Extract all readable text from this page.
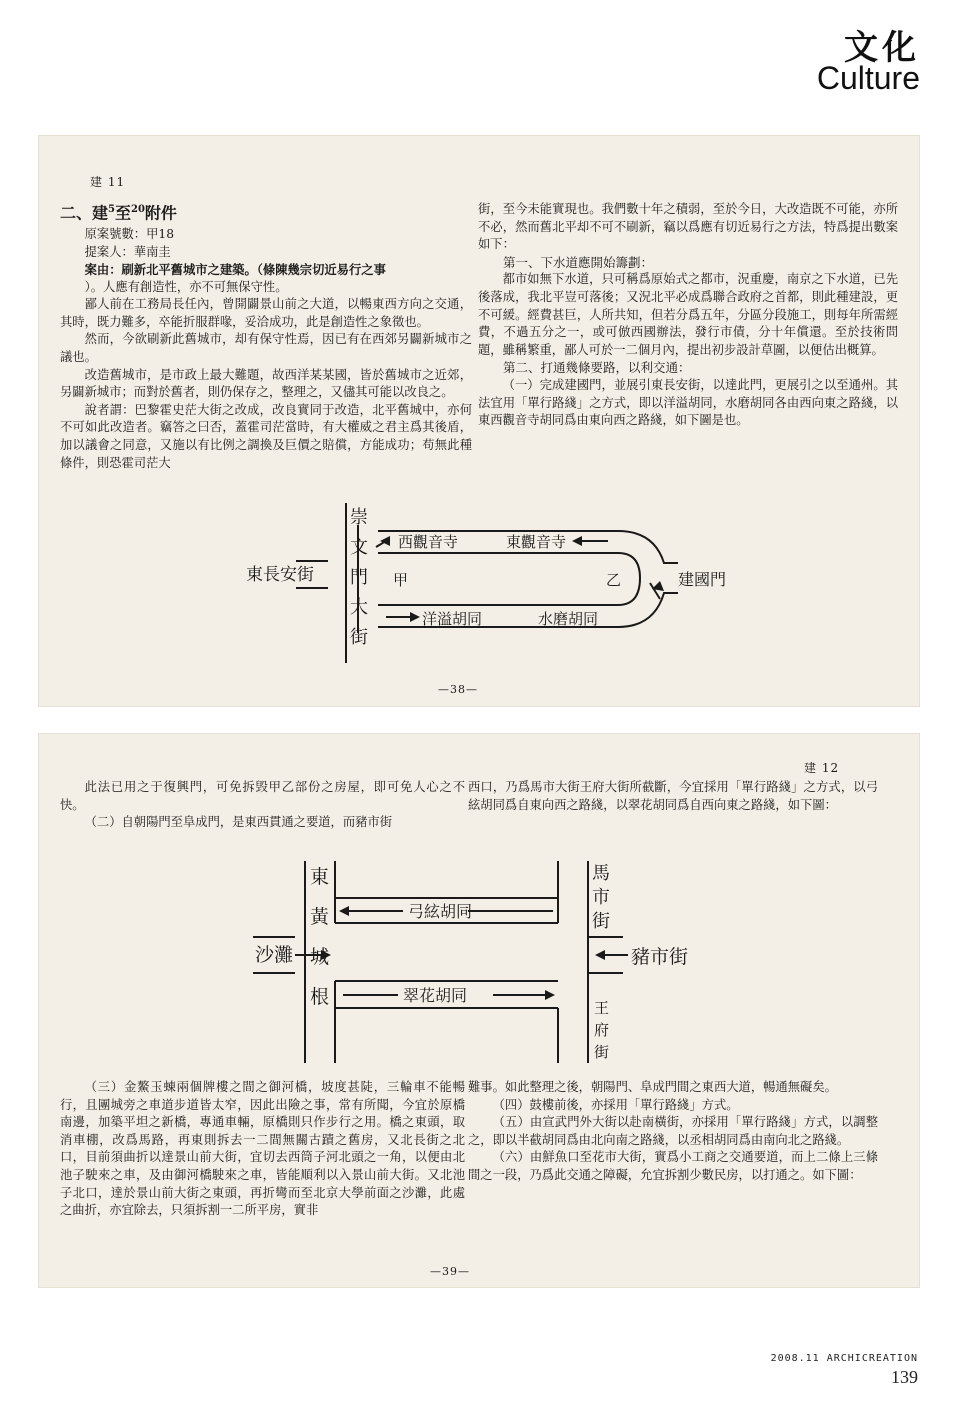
文化
Culture
建 11
二、建$^5$至$^{20}$附件

原案號數：甲18

提案人：華南圭

案由：刷新北平舊城市之建築。（條陳幾宗切近易行之事

）。人應有創造性，亦不可無保守性。

鄙人前在工務局長任內，曾開闢景山前之大道，以暢東西方向之交通，其時，既力難多，卒能折服群喙，妥洽成功，此是創造性之象徵也。

然而，今欲刷新此舊城市，却有保守性焉，因已有在西郊另闢新城市之議也。

改造舊城市，是市政上最大難題，故西洋某某國，皆於舊城市之近郊，另闢新城市；而對於舊者，則仍保存之，整理之，又儘其可能以改良之。

說者謂：巴黎霍史茫大街之改成，改良實同于改造，北平舊城中，亦何不可如此改造者。竊答之曰否，蓋霍司茫當時，有大權威之君主爲其後盾，加以議會之同意，又施以有比例之調換及巨價之賠償，方能成功；苟無此種條件，則恐霍司茫大

街，至今未能實現也。我們數十年之積弱，至於今日，大改造既不可能，亦所不必，然而舊北平却不可不刷新，竊以爲應有切近易行之方法，特爲提出數案如下：

第一、下水道應開始籌劃：

都市如無下水道，只可稱爲原始式之都市，況重慶，南京之下水道，已先後落成，我北平豈可落後；又況北平必成爲聯合政府之首都，則此種建設，更不可緩。經費甚巨，人所共知，但若分爲五年，分區分段施工，則每年所需經費，不過五分之一，或可倣西國辦法，發行市債，分十年償還。至於技術問題，雖稱繁重，鄙人可於一二個月內，提出初步設計草圖，以便估出概算。

第二、打通幾條要路，以利交通：

（一）完成建國門，並展引東長安街，以達此門，更展引之以至通州。其法宜用「單行路綫」之方式，即以洋溢胡同，水磨胡同各由西向東之路綫，以東西觀音寺胡同爲由東向西之路綫，如下圖是也。

崇
文
門
大
街
東長安街
西觀音寺	東觀音寺
甲	乙	建國門
洋溢胡同	水磨胡同
—38—
建 12

此法已用之于復興門，可免拆毁甲乙部份之房屋，即可免人心之不快。

（二）自朝陽門至阜成門，是東西貫通之要道，而豬市街

西口，乃爲馬市大街王府大街所截斷，今宜採用「單行路綫」之方式，以弓絃胡同爲自東向西之路綫，以翠花胡同爲自西向東之路綫，如下圖：

東
黃
城
根
沙灘
弓絃胡同
翠花胡同
馬
市
街
豬市街
王
府
街

（三）金鰲玉蝀兩個牌樓之間之御河橋，坡度甚陡，三輪車不能暢行，且團城旁之車道步道皆太窄，因此出險之事，常有所聞，今宜於原橋南邊，加築平坦之新橋，專通車輛，原橋則只作步行之用。橋之東頭，取消車棚，改爲馬路，再東則拆去一二間無關古蹟之舊房，又北長街之北口，目前須曲折以達景山前大街，宜切去西筒子河北頭之一角，以便由北池子駛來之車，及由御河橋駛來之車，皆能順利以入景山前大街。又北池子北口，達於景山前大街之東頭，再折彎而至北京大學前面之沙灘，此處之曲折，亦宜除去，只須拆割一二所平房，實非

難事。如此整理之後，朝陽門、阜成門間之東西大道，暢通無礙矣。

（四）鼓樓前後，亦採用「單行路綫」方式。

（五）由宣武門外大街以赴南橫街，亦採用「單行路綫」方式，以調整之，即以半截胡同爲由北向南之路綫，以丞相胡同爲由南向北之路綫。

（六）由鮮魚口至花市大街，實爲小工商之交通要道，而上二條上三條間之一段，乃爲此交通之障礙，允宜拆割少數民房，以打通之。如下圖：

—39—
2008.11 ARCHICREATION
139
